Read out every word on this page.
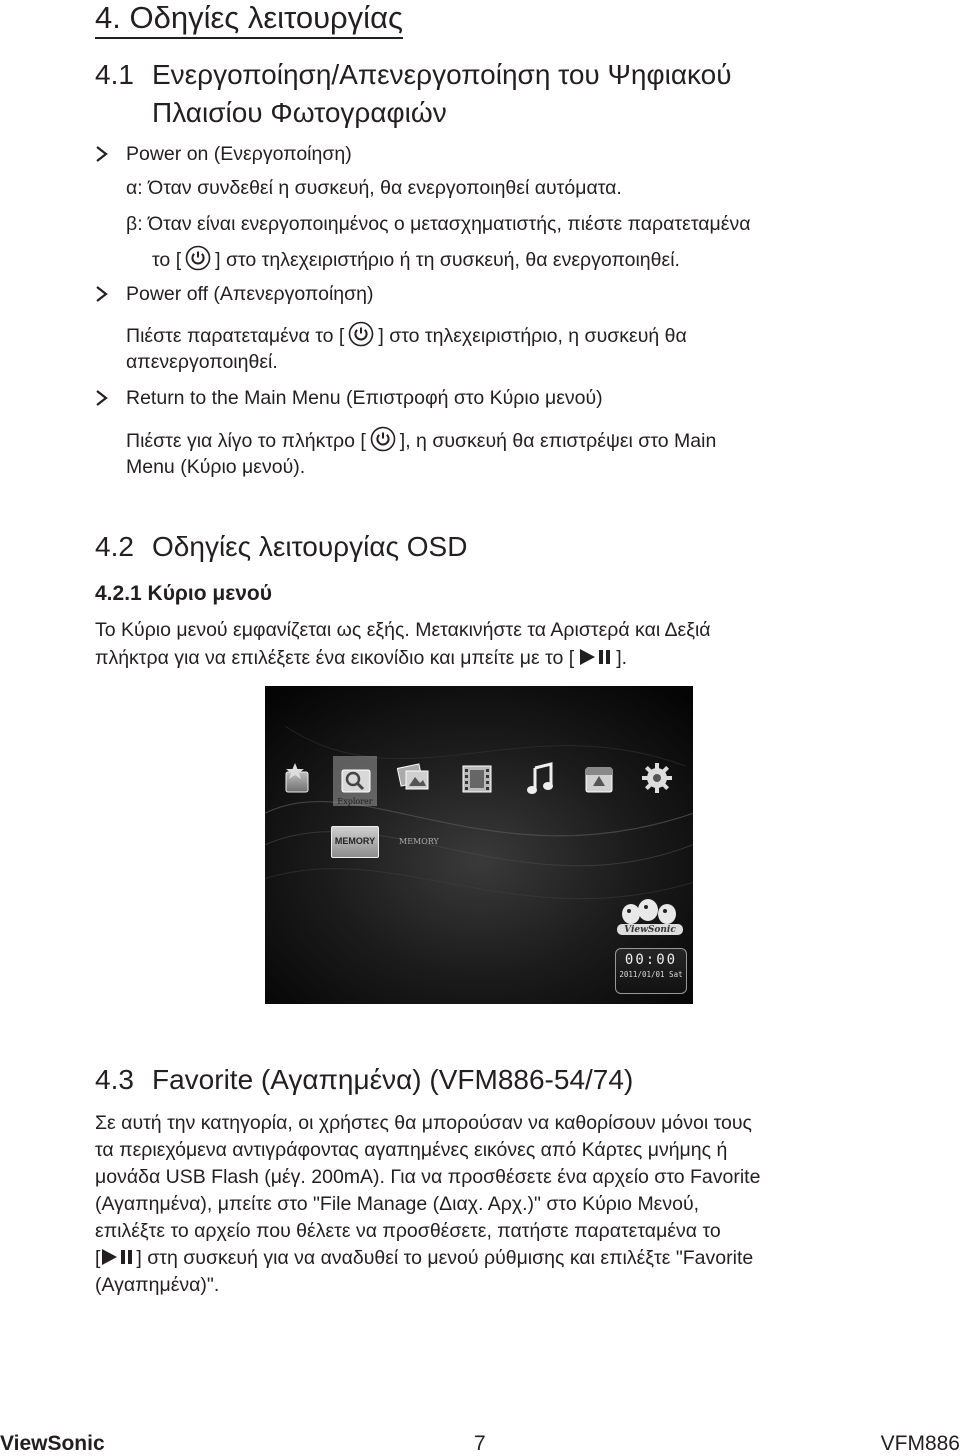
4. Οδηγίες λειτουργίας
4.1 Ενεργοποίηση/Απενεργοποίηση του Ψηφιακού
Πλαισίου Φωτογραφιών
Power on (Ενεργοποίηση)
α: Όταν συνδεθεί η συσκευή, θα ενεργοποιηθεί αυτόματα.
β: Όταν είναι ενεργοποιημένος ο μετασχηματιστής, πιέστε παρατεταμένα
το [ ] στο τηλεχειριστήριο ή τη συσκευή, θα ενεργοποιηθεί.
Power off (Απενεργοποίηση)
Πιέστε παρατεταμένα το [ ] στο τηλεχειριστήριο, η συσκευή θα
απενεργοποιηθεί.
Return to the Main Menu (Επιστροφή στο Κύριο μενού)
Πιέστε για λίγο το πλήκτρο [ ], η συσκευή θα επιστρέψει στο Main
Menu (Κύριο μενού).
4.2 Οδηγίες λειτουργίας OSD
4.2.1 Κύριο μενού
Το Κύριο μενού εμφανίζεται ως εξής. Μετακινήστε τα Αριστερά και Δεξιά
πλήκτρα για να επιλέξετε ένα εικονίδιο και μπείτε με το [ ].
Explorer
MEMORY	MEMORY
ViewSonic
00:00
2011/01/01 Sat
4.3 Favorite (Αγαπημένα) (VFM886-54/74)
Σε αυτή την κατηγορία, οι χρήστες θα μπορούσαν να καθορίσουν μόνοι τους
τα περιεχόμενα αντιγράφοντας αγαπημένες εικόνες από Κάρτες μνήμης ή
μονάδα USB Flash (μέγ. 200mA). Για να προσθέσετε ένα αρχείο στο Favorite
(Αγαπημένα), μπείτε στο "File Manage (Διαχ. Αρχ.)" στο Κύριο Μενού,
επιλέξτε το αρχείο που θέλετε να προσθέσετε, πατήστε παρατεταμένα το
[ ] στη συσκευή για να αναδυθεί το μενού ρύθμισης και επιλέξτε "Favorite
(Αγαπημένα)".
ViewSonic	7	VFM886
